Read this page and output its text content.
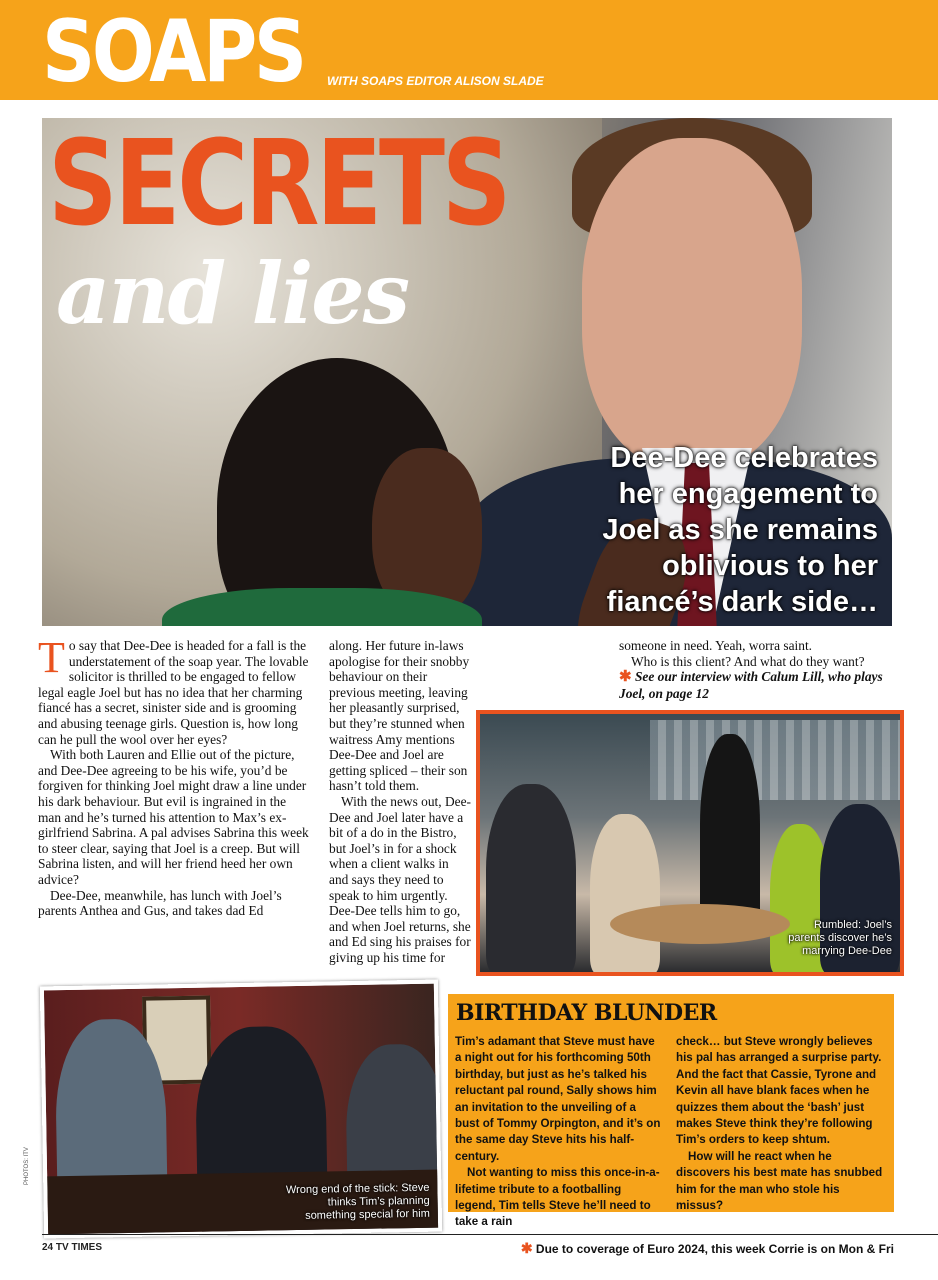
SOAPS WITH SOAPS EDITOR ALISON SLADE
SECRETS
and lies
Dee-Dee celebrates her engagement to Joel as she remains oblivious to her fiancé’s dark side…
T o say that Dee-Dee is headed for a fall is the understatement of the soap year. The lovable solicitor is thrilled to be engaged to fellow legal eagle Joel but has no idea that her charming fiancé has a secret, sinister side and is grooming and abusing teenage girls. Question is, how long can he pull the wool over her eyes?

With both Lauren and Ellie out of the picture, and Dee-Dee agreeing to be his wife, you’d be forgiven for thinking Joel might draw a line under his dark behaviour. But evil is ingrained in the man and he’s turned his attention to Max’s ex-girlfriend Sabrina. A pal advises Sabrina this week to steer clear, saying that Joel is a creep. But will Sabrina listen, and will her friend heed her own advice?

Dee-Dee, meanwhile, has lunch with Joel’s parents Anthea and Gus, and takes dad Ed

along. Her future in-laws apologise for their snobby behaviour on their previous meeting, leaving her pleasantly surprised, but they’re stunned when waitress Amy mentions Dee-Dee and Joel are getting spliced – their son hasn’t told them.

With the news out, Dee-Dee and Joel later have a bit of a do in the Bistro, but Joel’s in for a shock when a client walks in and says they need to speak to him urgently. Dee-Dee tells him to go, and when Joel returns, she and Ed sing his praises for giving up his time for

someone in need. Yeah, worra saint.

Who is this client? And what do they want?

✱ See our interview with Calum Lill, who plays Joel, on page 12

Rumbled: Joel’s parents discover he’s marrying Dee-Dee
Wrong end of the stick: Steve thinks Tim’s planning something special for him
PHOTOS: ITV
BIRTHDAY BLUNDER

Tim’s adamant that Steve must have a night out for his forthcoming 50th birthday, but just as he’s talked his reluctant pal round, Sally shows him an invitation to the unveiling of a bust of Tommy Orpington, and it’s on the same day Steve hits his half-century.

Not wanting to miss this once-in-a-lifetime tribute to a footballing legend, Tim tells Steve he’ll need to take a rain

check… but Steve wrongly believes his pal has arranged a surprise party. And the fact that Cassie, Tyrone and Kevin all have blank faces when he quizzes them about the ‘bash’ just makes Steve think they’re following Tim’s orders to keep shtum.

How will he react when he discovers his best mate has snubbed him for the man who stole his missus?

24 TV TIMES	✱ Due to coverage of Euro 2024, this week Corrie is on Mon & Fri
